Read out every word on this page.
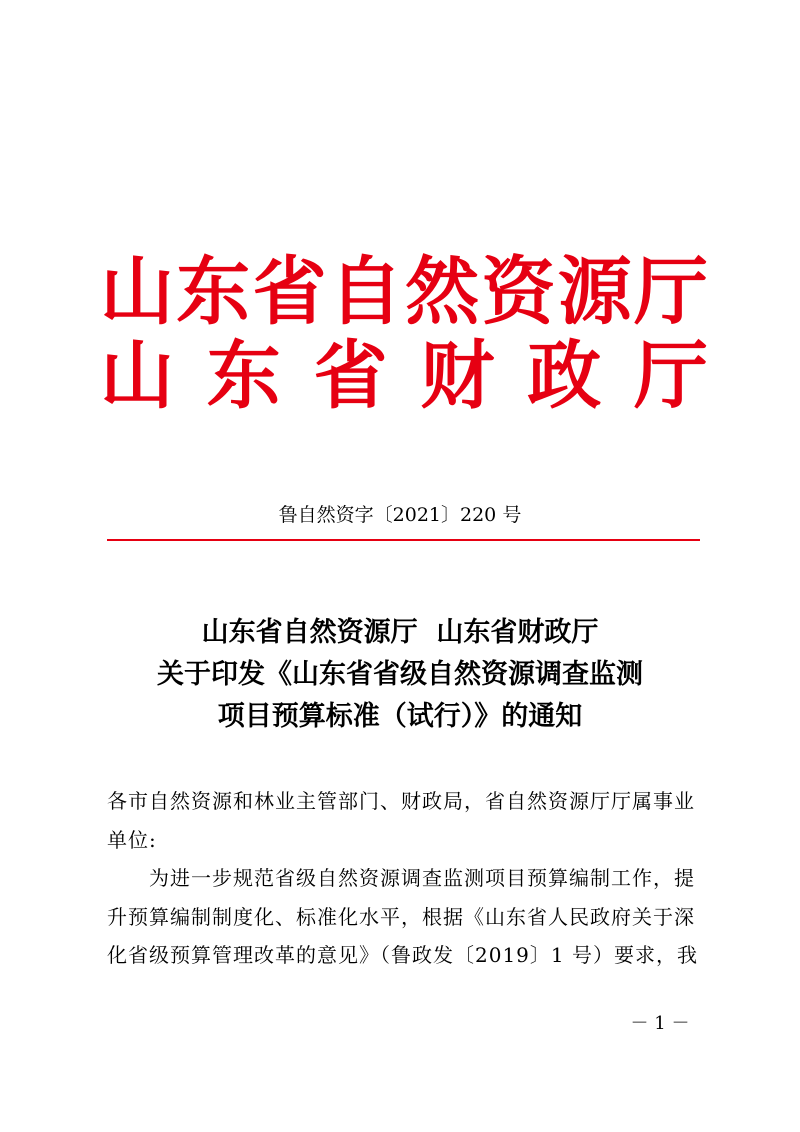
山 东 省 自 然 资 源 厅
山 东 省 财 政 厅
鲁自然资字〔2021〕220 号
山东省自然资源厅  山东省财政厅
关于印发《山东省省级自然资源调查监测
项目预算标准（试行）》的通知
各市自然资源和林业主管部门、财政局，省自然资源厅厅属事业
单位:
为进一步规范省级自然资源调查监测项目预算编制工作，提
升预算编制制度化、标准化水平，根据《山东省人民政府关于深
化省级预算管理改革的意见》（鲁政发〔2019〕1 号）要求，我
－ 1 －
